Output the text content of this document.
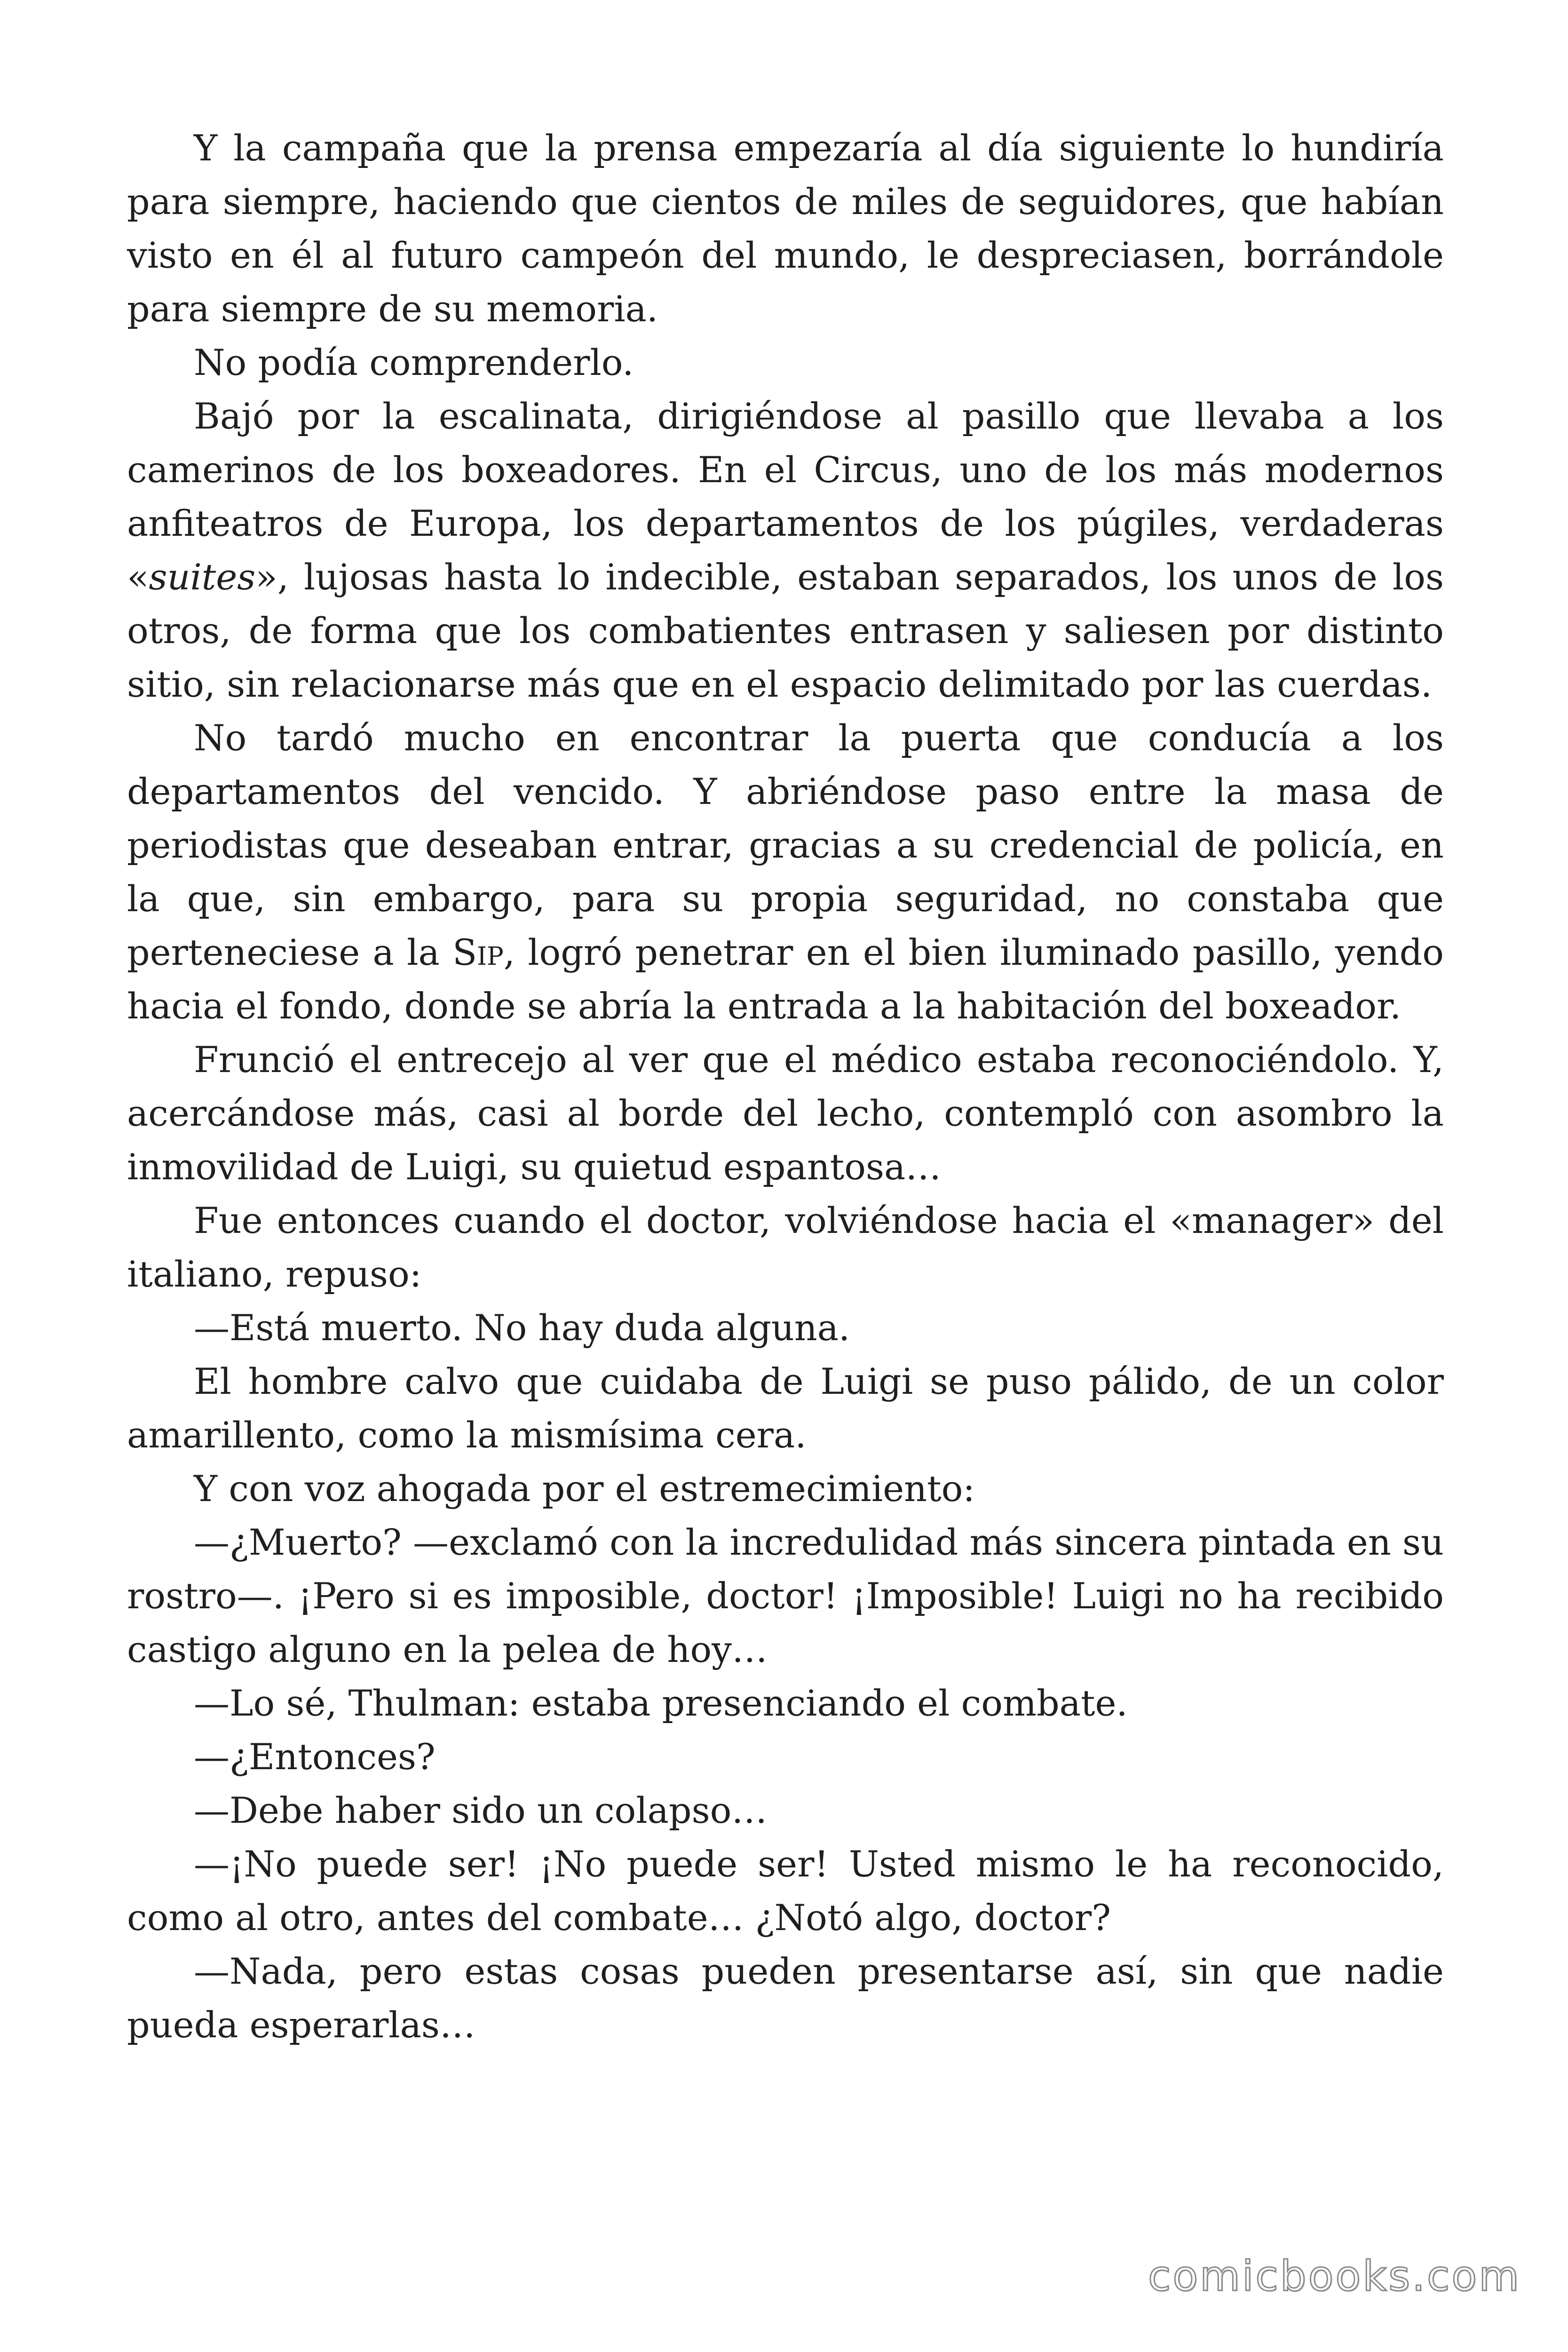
Y la campaña que la prensa empezaría al día siguiente lo hundiría para siempre, haciendo que cientos de miles de seguidores, que habían visto en él al futuro campeón del mundo, le despreciasen, borrándole para siempre de su memoria.

No podía comprenderlo.

Bajó por la escalinata, dirigiéndose al pasillo que llevaba a los camerinos de los boxeadores. En el Circus, uno de los más modernos anfiteatros de Europa, los departamentos de los púgiles, verdaderas «suites», lujosas hasta lo indecible, estaban separados, los unos de los otros, de forma que los combatientes entrasen y saliesen por distinto sitio, sin relacionarse más que en el espacio delimitado por las cuerdas.

No tardó mucho en encontrar la puerta que conducía a los departamentos del vencido. Y abriéndose paso entre la masa de periodistas que deseaban entrar, gracias a su credencial de policía, en la que, sin embargo, para su propia seguridad, no constaba que perteneciese a la Sip, logró penetrar en el bien iluminado pasillo, yendo hacia el fondo, donde se abría la entrada a la habitación del boxeador.

Frunció el entrecejo al ver que el médico estaba reconociéndolo. Y, acercándose más, casi al borde del lecho, contempló con asombro la inmovilidad de Luigi, su quietud espantosa…

Fue entonces cuando el doctor, volviéndose hacia el «manager» del italiano, repuso:

—Está muerto. No hay duda alguna.

El hombre calvo que cuidaba de Luigi se puso pálido, de un color amarillento, como la mismísima cera.

Y con voz ahogada por el estremecimiento:

—¿Muerto? —exclamó con la incredulidad más sincera pintada en su rostro—. ¡Pero si es imposible, doctor! ¡Imposible! Luigi no ha recibido castigo alguno en la pelea de hoy…

—Lo sé, Thulman: estaba presenciando el combate.

—¿Entonces?

—Debe haber sido un colapso…

—¡No puede ser! ¡No puede ser! Usted mismo le ha reconocido, como al otro, antes del combate… ¿Notó algo, doctor?

—Nada, pero estas cosas pueden presentarse así, sin que nadie pueda esperarlas…

comicbooks.com
